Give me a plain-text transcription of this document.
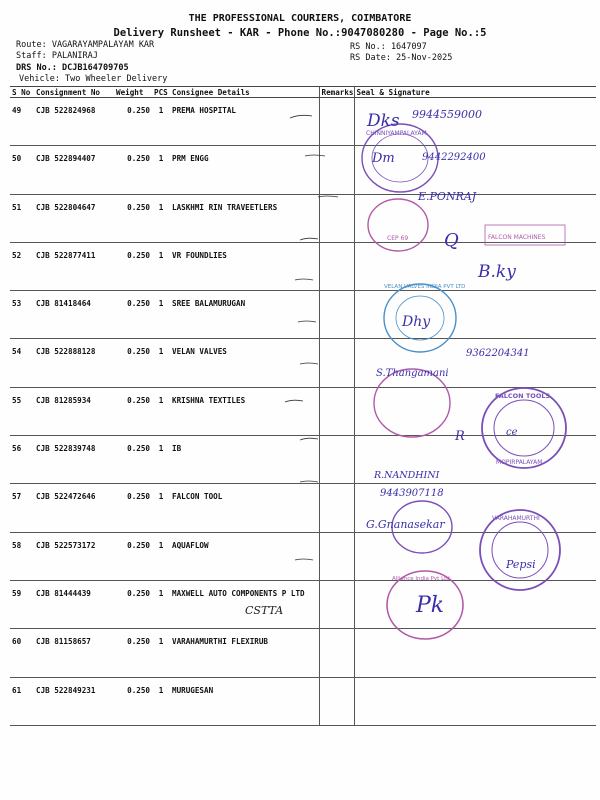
THE PROFESSIONAL COURIERS, COIMBATORE
Delivery Runsheet - KAR - Phone No.:9047080280 - Page No.:5
Route: VAGARAYAMPALAYAM KAR
Staff: PALANIRAJ
DRS No.: DCJB164709705
Vehicle: Two Wheeler Delivery
RS No.: 1647097
RS Date: 25-Nov-2025
S No	Consignment No	Weight	PCS	Consignee Details	Remarks	Seal & Signature
49	CJB 522824968	0.250	1	PREMA HOSPITAL		
50	CJB 522894407	0.250	1	PRM ENGG		
51	CJB 522804647	0.250	1	LASKHMI RIN TRAVEETLERS		
52	CJB 522877411	0.250	1	VR FOUNDLIES		
53	CJB 81418464	0.250	1	SREE BALAMURUGAN		
54	CJB 522888128	0.250	1	VELAN VALVES		
55	CJB 81285934	0.250	1	KRISHNA TEXTILES		
56	CJB 522839748	0.250	1	IB		
57	CJB 522472646	0.250	1	FALCON TOOL		
58	CJB 522573172	0.250	1	AQUAFLOW		
59	CJB 81444439	0.250	1	MAXWELL AUTO COMPONENTS P LTD		
60	CJB 81158657	0.250	1	VARAHAMURTHI FLEXIRUB		
61	CJB 522849231	0.250	1	MURUGESAN		
CHINNIYAMPALAYAM
CEP 69	FALCON MACHINES
VELAN VALVES INDIA PVT LTD
FALCON TOOLS
MOPIRPALAYAM
VARAHAMURTHI
Alliance India Pvt Ltd
Dks 9944559000
Dm	9442292400
E.PONRAJ
Q
B.ky
Dhy
9362204341
S.Thangamani
R	ce
R.NANDHINI
9443907118
G.Gnanasekar
Pepsi
Pk
CSTTA
